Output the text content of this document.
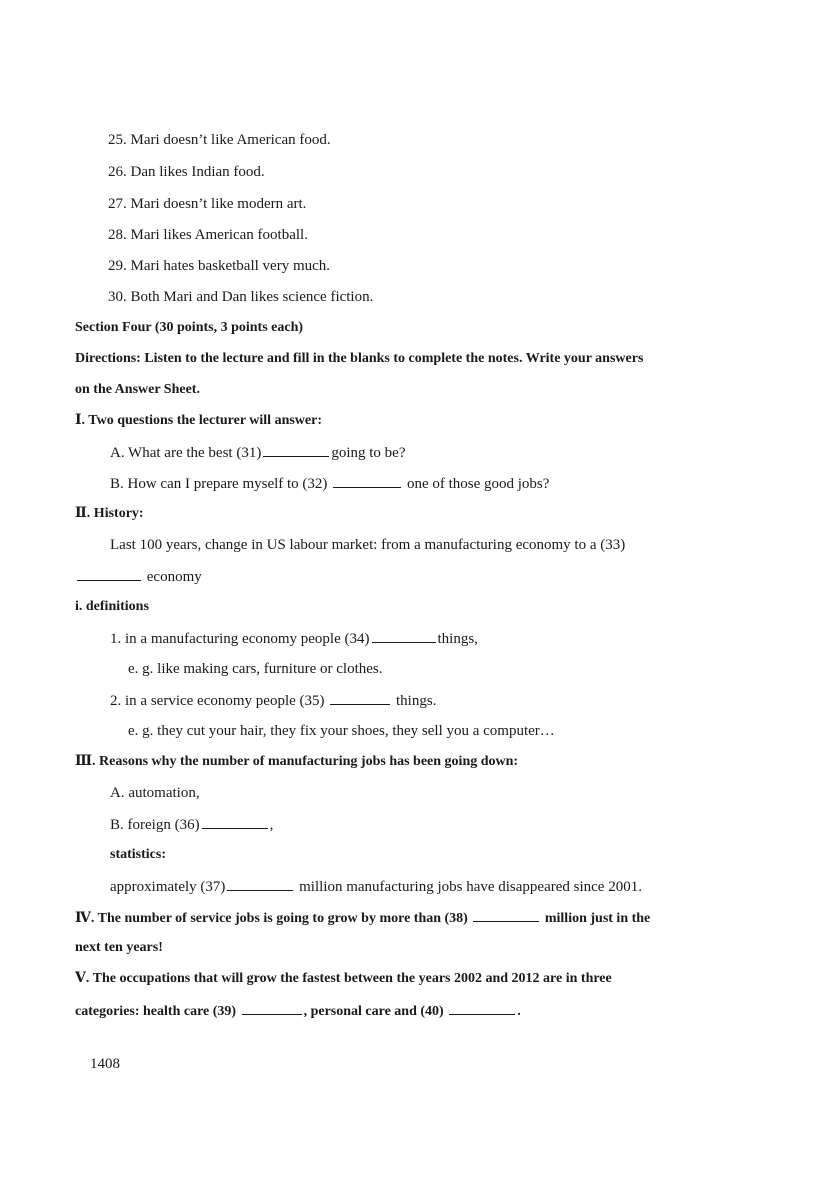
25. Mari doesn’t like American food.
26. Dan likes Indian food.
27. Mari doesn’t like modern art.
28. Mari likes American football.
29. Mari hates basketball very much.
30. Both Mari and Dan likes science fiction.
Section Four (30 points, 3 points each)
Directions: Listen to the lecture and fill in the blanks to complete the notes. Write your answers
on the Answer Sheet.
Ⅰ. Two questions the lecturer will answer:
A. What are the best (31)	going to be?
B. How can I prepare myself to (32)	one of those good jobs?
Ⅱ. History:
Last 100 years, change in US labour market: from a manufacturing economy to a (33)
economy
i. definitions
1. in a manufacturing economy people (34)	things,
e. g. like making cars, furniture or clothes.
2. in a service economy people (35)	things.
e. g. they cut your hair, they fix your shoes, they sell you a computer…
Ⅲ. Reasons why the number of manufacturing jobs has been going down:
A. automation,
B. foreign (36)	,
statistics:
approximately (37)	million manufacturing jobs have disappeared since 2001.
Ⅳ. The number of service jobs is going to grow by more than (38)	million just in the
next ten years!
Ⅴ. The occupations that will grow the fastest between the years 2002 and 2012 are in three
categories: health care (39)	, personal care and (40)	.
1408
